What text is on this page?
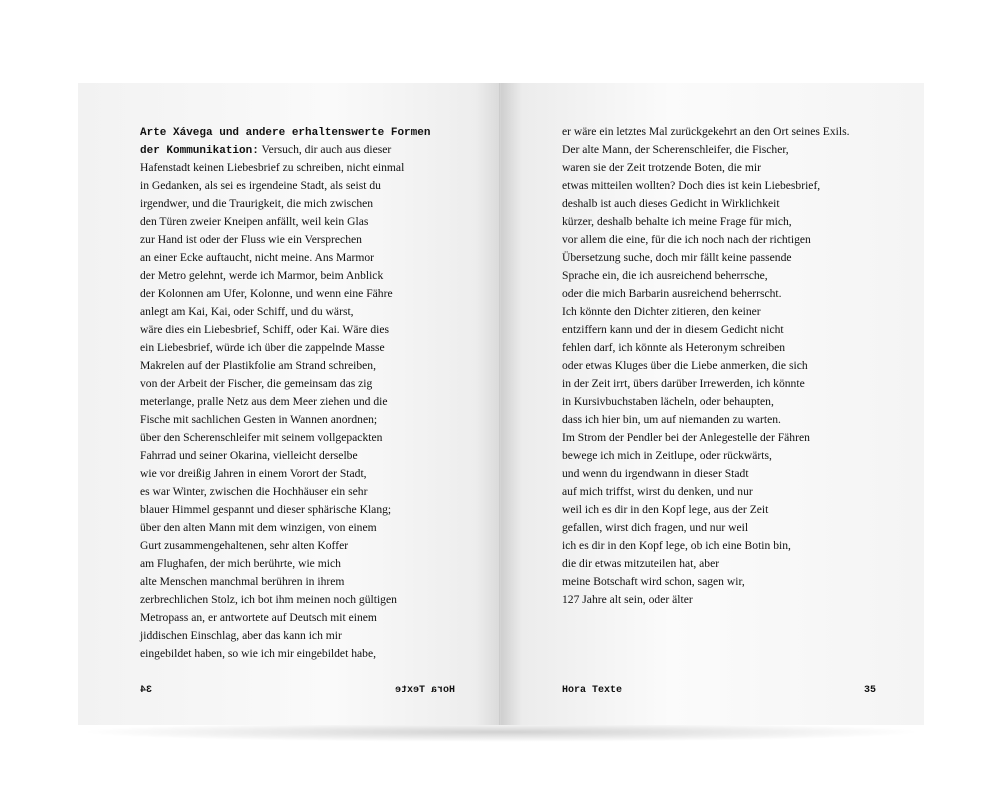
Arte Xávega und andere erhaltenswerte Formen
der Kommunikation: Versuch, dir auch aus dieser
Hafenstadt keinen Liebesbrief zu schreiben, nicht einmal
in Gedanken, als sei es irgendeine Stadt, als seist du
irgendwer, und die Traurigkeit, die mich zwischen
den Türen zweier Kneipen anfällt, weil kein Glas
zur Hand ist oder der Fluss wie ein Versprechen
an einer Ecke auftaucht, nicht meine. Ans Marmor
der Metro gelehnt, werde ich Marmor, beim Anblick
der Kolonnen am Ufer, Kolonne, und wenn eine Fähre
anlegt am Kai, Kai, oder Schiff, und du wärst,
wäre dies ein Liebesbrief, Schiff, oder Kai. Wäre dies
ein Liebesbrief, würde ich über die zappelnde Masse
Makrelen auf der Plastikfolie am Strand schreiben,
von der Arbeit der Fischer, die gemeinsam das zig
meterlange, pralle Netz aus dem Meer ziehen und die
Fische mit sachlichen Gesten in Wannen anordnen;
über den Scherenschleifer mit seinem vollgepackten
Fahrrad und seiner Okarina, vielleicht derselbe
wie vor dreißig Jahren in einem Vorort der Stadt,
es war Winter, zwischen die Hochhäuser ein sehr
blauer Himmel gespannt und dieser sphärische Klang;
über den alten Mann mit dem winzigen, von einem
Gurt zusammengehaltenen, sehr alten Koffer
am Flughafen, der mich berührte, wie mich
alte Menschen manchmal berühren in ihrem
zerbrechlichen Stolz, ich bot ihm meinen noch gültigen
Metropass an, er antwortete auf Deutsch mit einem
jiddischen Einschlag, aber das kann ich mir
eingebildet haben, so wie ich mir eingebildet habe,
34	Hora Texte
er wäre ein letztes Mal zurückgekehrt an den Ort seines Exils.
Der alte Mann, der Scherenschleifer, die Fischer,
waren sie der Zeit trotzende Boten, die mir
etwas mitteilen wollten? Doch dies ist kein Liebesbrief,
deshalb ist auch dieses Gedicht in Wirklichkeit
kürzer, deshalb behalte ich meine Frage für mich,
vor allem die eine, für die ich noch nach der richtigen
Übersetzung suche, doch mir fällt keine passende
Sprache ein, die ich ausreichend beherrsche,
oder die mich Barbarin ausreichend beherrscht.
Ich könnte den Dichter zitieren, den keiner
entziffern kann und der in diesem Gedicht nicht
fehlen darf, ich könnte als Heteronym schreiben
oder etwas Kluges über die Liebe anmerken, die sich
in der Zeit irrt, übers darüber Irrewerden, ich könnte
in Kursivbuchstaben lächeln, oder behaupten,
dass ich hier bin, um auf niemanden zu warten.
Im Strom der Pendler bei der Anlegestelle der Fähren
bewege ich mich in Zeitlupe, oder rückwärts,
und wenn du irgendwann in dieser Stadt
auf mich triffst, wirst du denken, und nur
weil ich es dir in den Kopf lege, aus der Zeit
gefallen, wirst dich fragen, und nur weil
ich es dir in den Kopf lege, ob ich eine Botin bin,
die dir etwas mitzuteilen hat, aber
meine Botschaft wird schon, sagen wir,
127 Jahre alt sein, oder älter
Hora Texte	35
